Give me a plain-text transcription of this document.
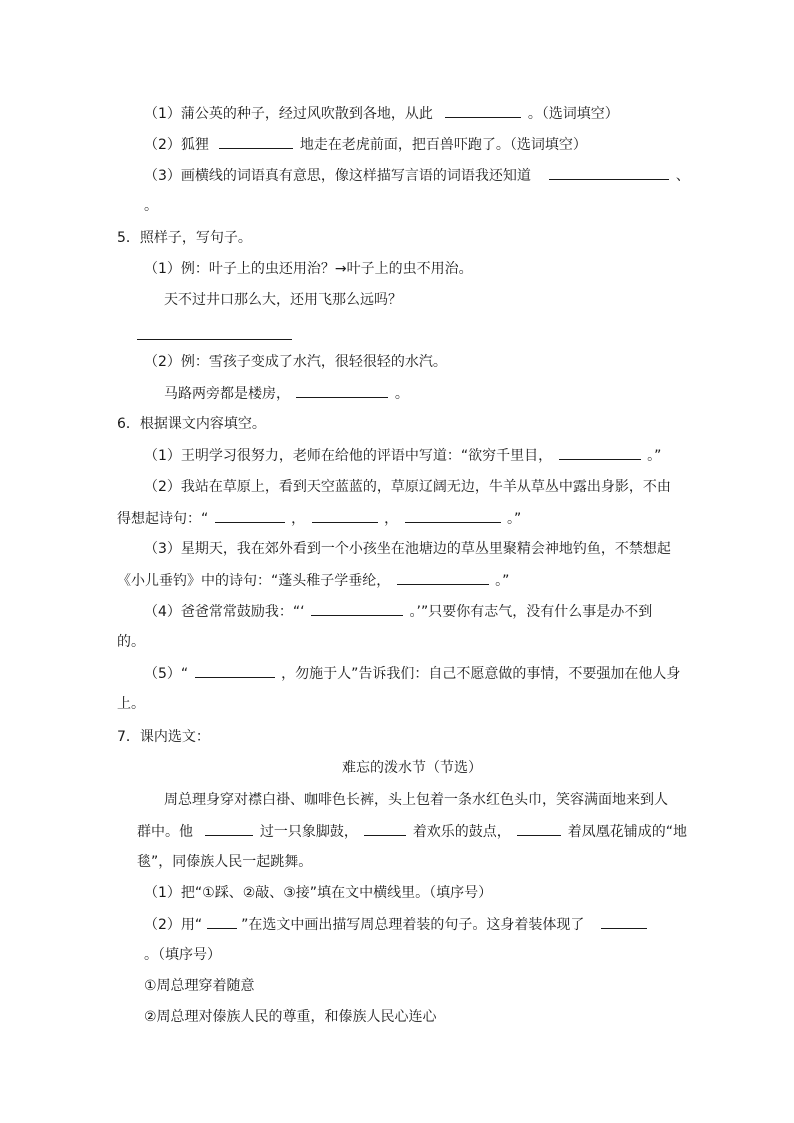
（1）蒲公英的种子，经过风吹散到各地，从此	。（选词填空）
（2）狐狸	地走在老虎前面，把百兽吓跑了。（选词填空）
（3）画横线的词语真有意思，像这样描写言语的词语我还知道	、
。
5．照样子，写句子。
（1）例：叶子上的虫还用治？→叶子上的虫不用治。
天不过井口那么大，还用飞那么远吗？
（2）例：雪孩子变成了水汽，很轻很轻的水汽。
马路两旁都是楼房，	。
6．根据课文内容填空。
（1）王明学习很努力，老师在给他的评语中写道：“欲穷千里目，	。”
（2）我站在草原上，看到天空蓝蓝的，草原辽阔无边，牛羊从草丛中露出身影，不由
得想起诗句：“	，	，	。”
（3）星期天，我在郊外看到一个小孩坐在池塘边的草丛里聚精会神地钓鱼，不禁想起
《小儿垂钓》中的诗句：“蓬头稚子学垂纶，	。”
（4）爸爸常常鼓励我：“‘	。’”只要你有志气，没有什么事是办不到
的。
（5）“	，勿施于人”告诉我们：自己不愿意做的事情，不要强加在他人身
上。
7．课内选文：
难忘的泼水节（节选）
周总理身穿对襟白褂、咖啡色长裤，头上包着一条水红色头巾，笑容满面地来到人
群中。他	过一只象脚鼓，	着欢乐的鼓点，	着凤凰花铺成的“地
毯”，同傣族人民一起跳舞。
（1）把“①踩、②敲、③接”填在文中横线里。（填序号）
（2）用“	”在选文中画出描写周总理着装的句子。这身着装体现了
。（填序号）
①周总理穿着随意
②周总理对傣族人民的尊重，和傣族人民心连心
